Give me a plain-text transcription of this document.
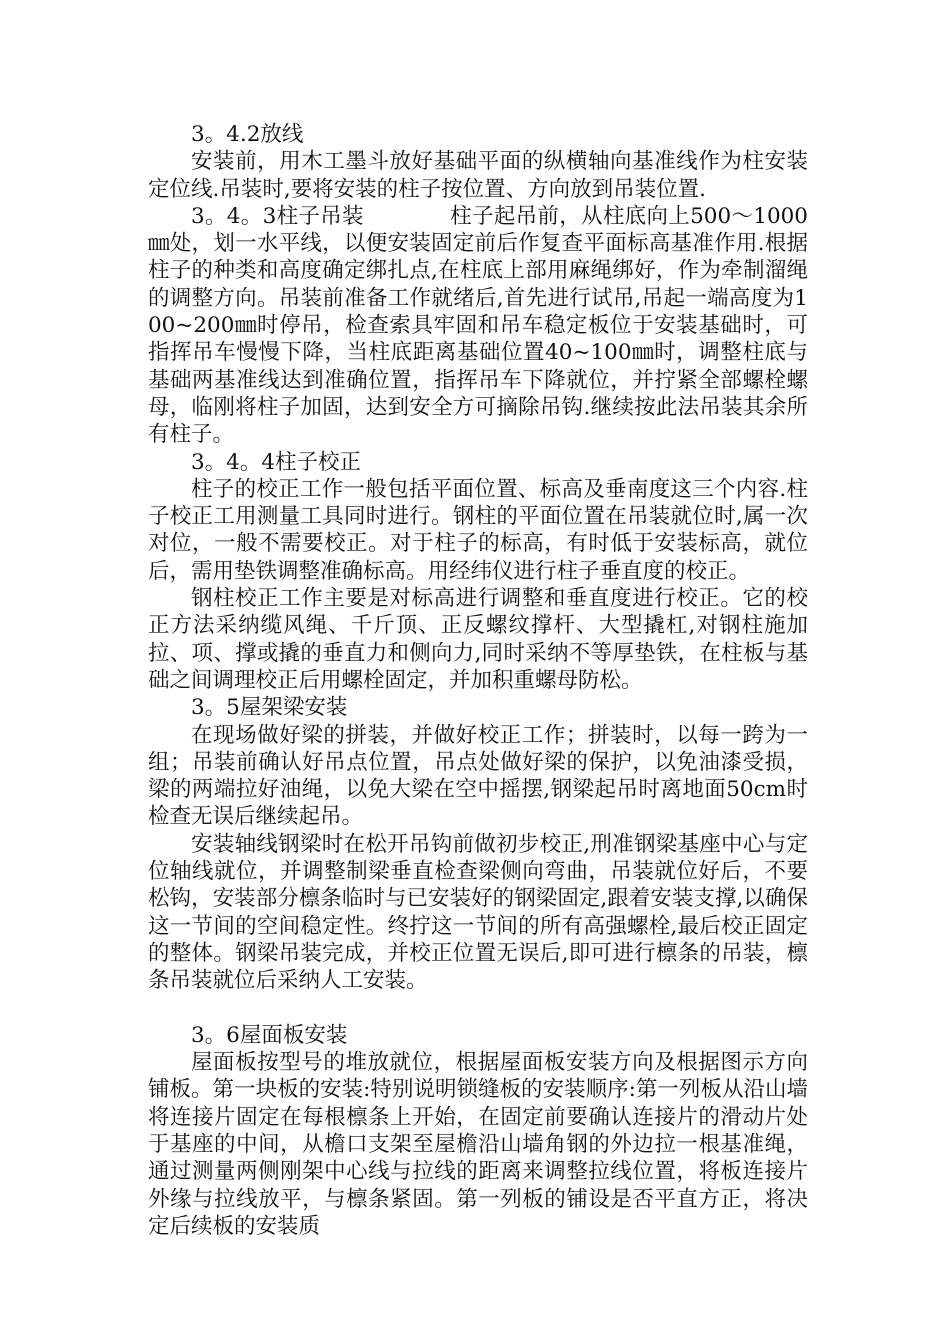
3。4.2放线

安装前，用木工墨斗放好基础平面的纵横轴向基准线作为柱安装定位线.吊装时,要将安装的柱子按位置、方向放到吊装位置.

3。4。3柱子吊装	柱子起吊前，从柱底向上500～1000㎜处，划一水平线，以便安装固定前后作复查平面标高基准作用.根据柱子的种类和高度确定绑扎点,在柱底上部用麻绳绑好，作为牵制溜绳的调整方向。吊装前准备工作就绪后,首先进行试吊,吊起一端高度为100~200㎜时停吊，检查索具牢固和吊车稳定板位于安装基础时，可指挥吊车慢慢下降，当柱底距离基础位置40~100㎜时，调整柱底与基础两基准线达到准确位置，指挥吊车下降就位，并拧紧全部螺栓螺母，临刚将柱子加固，达到安全方可摘除吊钩.继续按此法吊装其余所有柱子。

3。4。4柱子校正

柱子的校正工作一般包括平面位置、标高及垂南度这三个内容.柱子校正工用测量工具同时进行。钢柱的平面位置在吊装就位时,属一次对位，一般不需要校正。对于柱子的标高，有时低于安装标高，就位后，需用垫铁调整准确标高。用经纬仪进行柱子垂直度的校正。

钢柱校正工作主要是对标高进行调整和垂直度进行校正。它的校正方法采纳缆风绳、千斤顶、正反螺纹撑杆、大型撬杠,对钢柱施加拉、项、撑或撬的垂直力和侧向力,同时采纳不等厚垫铁，在柱板与基础之间调理校正后用螺栓固定，并加积重螺母防松。

3。5屋架梁安装

在现场做好梁的拼装，并做好校正工作；拼装时，以每一跨为一组；吊装前确认好吊点位置，吊点处做好梁的保护，以免油漆受损，梁的两端拉好油绳，以免大梁在空中摇摆,钢梁起吊时离地面50cm时检查无误后继续起吊。

安装轴线钢梁时在松开吊钩前做初步校正,刑准钢梁基座中心与定位轴线就位，并调整制梁垂直检查梁侧向弯曲，吊装就位好后，不要松钩，安装部分檩条临时与已安装好的钢梁固定,跟着安装支撑,以确保这一节间的空间稳定性。终拧这一节间的所有高强螺栓,最后校正固定的整体。钢梁吊装完成，并校正位置无误后,即可进行檩条的吊装，檩条吊装就位后采纳人工安装。

3。6屋面板安装

屋面板按型号的堆放就位，根据屋面板安装方向及根据图示方向铺板。第一块板的安装:特别说明锁缝板的安装顺序:第一列板从沿山墙将连接片固定在每根檩条上开始，在固定前要确认连接片的滑动片处于基座的中间，从檐口支架至屋檐沿山墙角钢的外边拉一根基准绳，通过测量两侧刚架中心线与拉线的距离来调整拉线位置，将板连接片外缘与拉线放平，与檩条紧固。第一列板的铺设是否平直方正，将决定后续板的安装质
